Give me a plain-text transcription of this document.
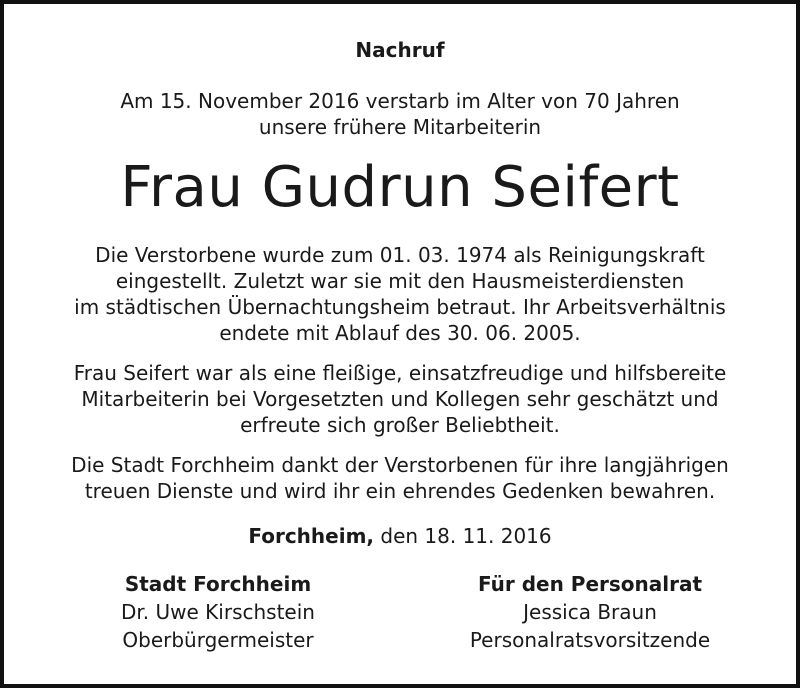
Nachruf
Am 15. November 2016 verstarb im Alter von 70 Jahren
unsere frühere Mitarbeiterin
Frau Gudrun Seifert
Die Verstorbene wurde zum 01. 03. 1974 als Reinigungskraft
eingestellt. Zuletzt war sie mit den Hausmeisterdiensten
im städtischen Übernachtungsheim betraut. Ihr Arbeitsverhältnis
endete mit Ablauf des 30. 06. 2005.
Frau Seifert war als eine fleißige, einsatzfreudige und hilfsbereite
Mitarbeiterin bei Vorgesetzten und Kollegen sehr geschätzt und
erfreute sich großer Beliebtheit.
Die Stadt Forchheim dankt der Verstorbenen für ihre langjährigen
treuen Dienste und wird ihr ein ehrendes Gedenken bewahren.
Forchheim, den 18. 11. 2016
Stadt Forchheim
Dr. Uwe Kirschstein
Oberbürgermeister
Für den Personalrat
Jessica Braun
Personalratsvorsitzende
